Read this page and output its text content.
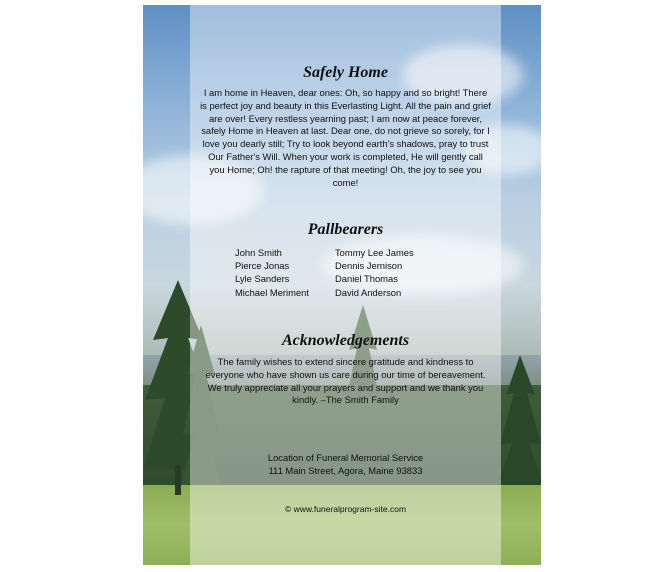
Safely Home
I am home in Heaven, dear ones: Oh, so happy and so bright! There is perfect joy and beauty in this Everlasting Light. All the pain and grief are over! Every restless yearning past; I am now at peace forever, safely Home in Heaven at last. Dear one, do not grieve so sorely, for I love you dearly still; Try to look beyond earth's shadows, pray to trust Our Father's Will. When your work is completed, He will gently call you Home; Oh! the rapture of that meeting! Oh, the joy to see you come!
Pallbearers
John Smith
Pierce Jonas
Lyle Sanders
Michael Meriment
Tommy Lee James
Dennis Jernison
Daniel Thomas
David Anderson
Acknowledgements
The family wishes to extend sincere gratitude and kindness to everyone who have shown us care during our time of bereavement. We truly appreciate all your prayers and support and we thank you kindly. –The Smith Family
Location of Funeral Memorial Service
111 Main Street, Agora, Maine 93833
© www.funeralprogram-site.com
